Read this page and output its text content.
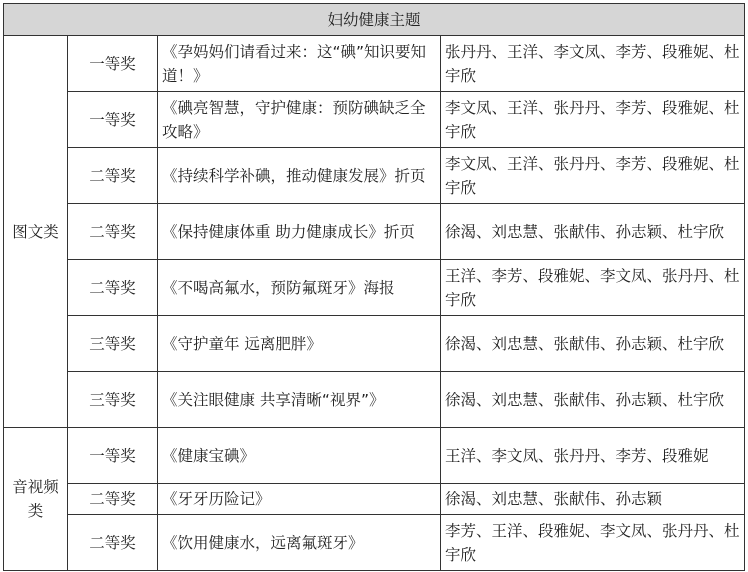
妇幼健康主题			
图文类	一等奖	《孕妈妈们请看过来：这“碘”知识要知道！》	张丹丹、王洋、李文凤、李芳、段雅妮、杜宇欣
	一等奖	《碘亮智慧，守护健康：预防碘缺乏全攻略》	李文凤、王洋、张丹丹、李芳、段雅妮、杜宇欣
	二等奖	《持续科学补碘，推动健康发展》折页	李文凤、王洋、张丹丹、李芳、段雅妮、杜宇欣
	二等奖	《保持健康体重 助力健康成长》折页	徐渴、刘忠慧、张献伟、孙志颖、杜宇欣
	二等奖	《不喝高氟水，预防氟斑牙》海报	王洋、李芳、段雅妮、李文凤、张丹丹、杜宇欣
	三等奖	《守护童年 远离肥胖》	徐渴、刘忠慧、张献伟、孙志颖、杜宇欣
	三等奖	《关注眼健康 共享清晰“视界”》	徐渴、刘忠慧、张献伟、孙志颖、杜宇欣
音视频类	一等奖	《健康宝碘》	王洋、李文凤、张丹丹、李芳、段雅妮
	二等奖	《牙牙历险记》	徐渴、刘忠慧、张献伟、孙志颖
	二等奖	《饮用健康水，远离氟斑牙》	李芳、王洋、段雅妮、李文凤、张丹丹、杜宇欣
